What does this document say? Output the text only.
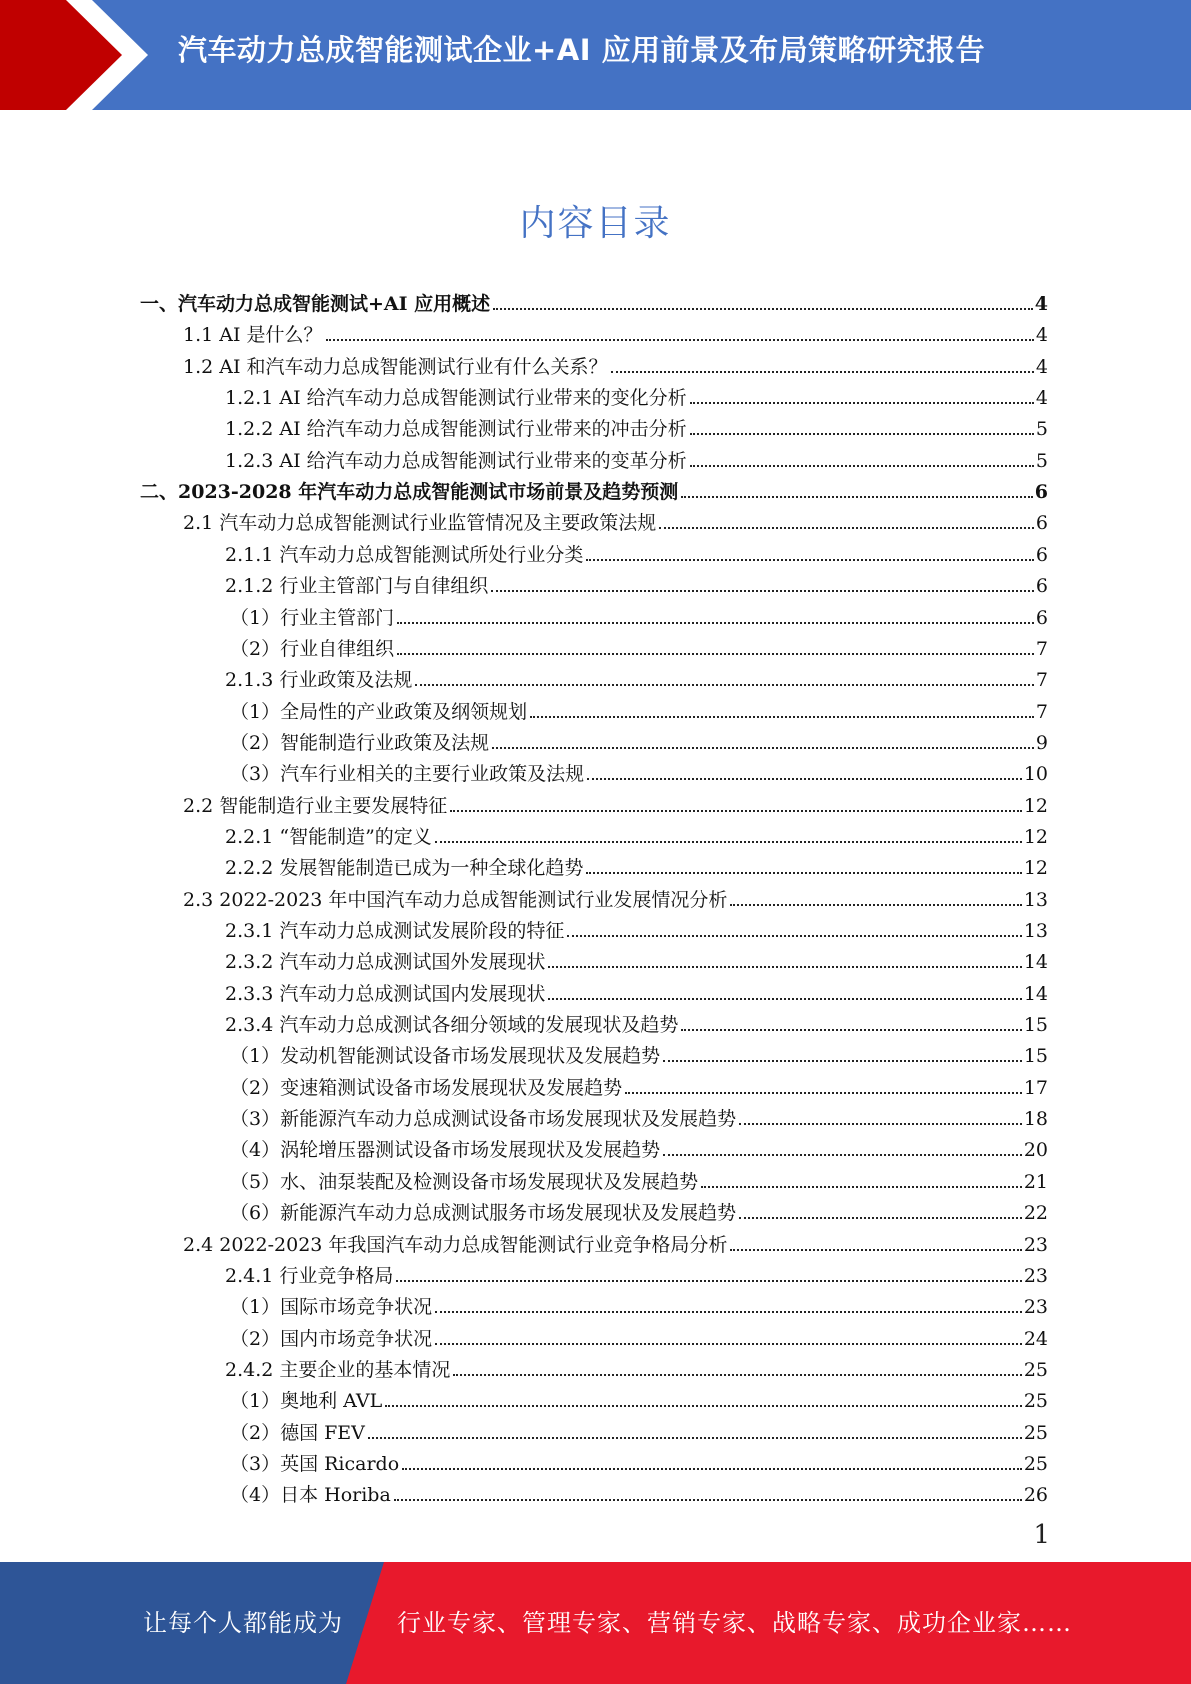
汽车动力总成智能测试企业+AI 应用前景及布局策略研究报告
内容目录
一、汽车动力总成智能测试+AI 应用概述	4
1.1 AI 是什么？	4
1.2 AI 和汽车动力总成智能测试行业有什么关系？	4
1.2.1 AI 给汽车动力总成智能测试行业带来的变化分析	4
1.2.2 AI 给汽车动力总成智能测试行业带来的冲击分析	5
1.2.3 AI 给汽车动力总成智能测试行业带来的变革分析	5
二、2023-2028 年汽车动力总成智能测试市场前景及趋势预测	6
2.1 汽车动力总成智能测试行业监管情况及主要政策法规	6
2.1.1 汽车动力总成智能测试所处行业分类	6
2.1.2 行业主管部门与自律组织	6
（1）行业主管部门	6
（2）行业自律组织	7
2.1.3 行业政策及法规	7
（1）全局性的产业政策及纲领规划	7
（2）智能制造行业政策及法规	9
（3）汽车行业相关的主要行业政策及法规	10
2.2 智能制造行业主要发展特征	12
2.2.1 “智能制造”的定义	12
2.2.2 发展智能制造已成为一种全球化趋势	12
2.3 2022-2023 年中国汽车动力总成智能测试行业发展情况分析	13
2.3.1 汽车动力总成测试发展阶段的特征	13
2.3.2 汽车动力总成测试国外发展现状	14
2.3.3 汽车动力总成测试国内发展现状	14
2.3.4 汽车动力总成测试各细分领域的发展现状及趋势	15
（1）发动机智能测试设备市场发展现状及发展趋势	15
（2）变速箱测试设备市场发展现状及发展趋势	17
（3）新能源汽车动力总成测试设备市场发展现状及发展趋势	18
（4）涡轮增压器测试设备市场发展现状及发展趋势	20
（5）水、油泵装配及检测设备市场发展现状及发展趋势	21
（6）新能源汽车动力总成测试服务市场发展现状及发展趋势	22
2.4 2022-2023 年我国汽车动力总成智能测试行业竞争格局分析	23
2.4.1 行业竞争格局	23
（1）国际市场竞争状况	23
（2）国内市场竞争状况	24
2.4.2 主要企业的基本情况	25
（1）奥地利 AVL	25
（2）德国 FEV	25
（3）英国 Ricardo	25
（4）日本 Horiba	26
1
让每个人都能成为 行业专家、管理专家、营销专家、战略专家、成功企业家……
